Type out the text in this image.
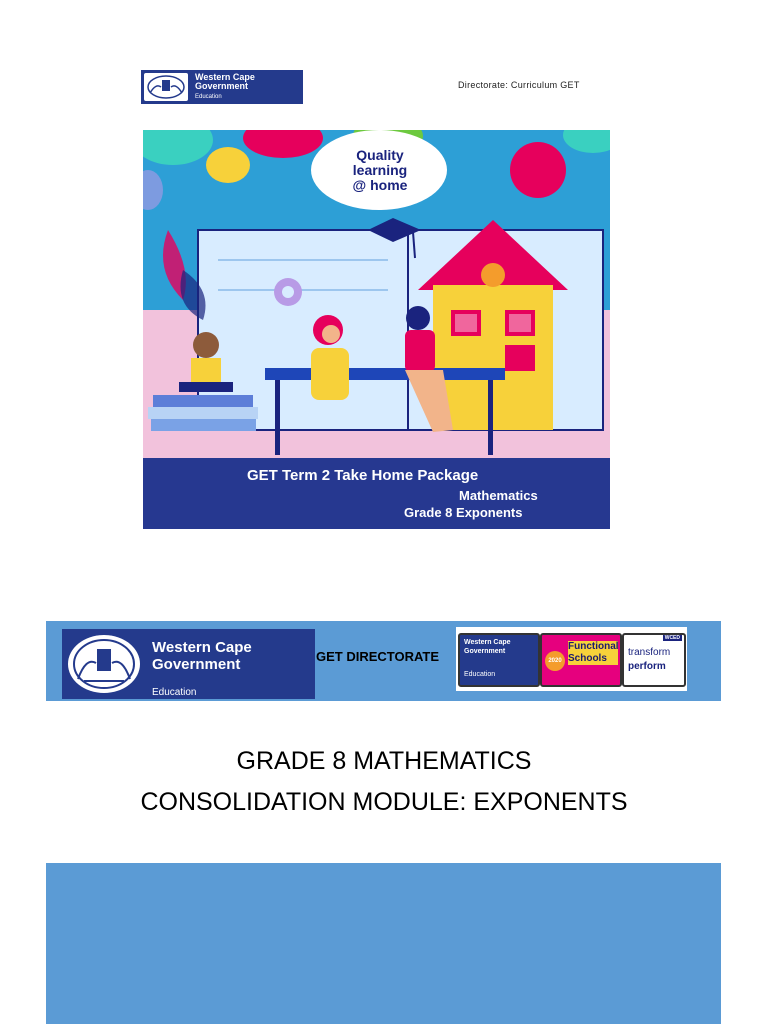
Western Cape
Government
Education
Directorate: Curriculum GET
Quality
learning
@ home
GET Term 2 Take Home Package
Mathematics
Grade 8 Exponents
Western Cape
Government
Education
GET DIRECTORATE
Western Cape
Government
Education
2020
Functional Schools
WCED
transform
perform
GRADE 8 MATHEMATICS
CONSOLIDATION MODULE: EXPONENTS
